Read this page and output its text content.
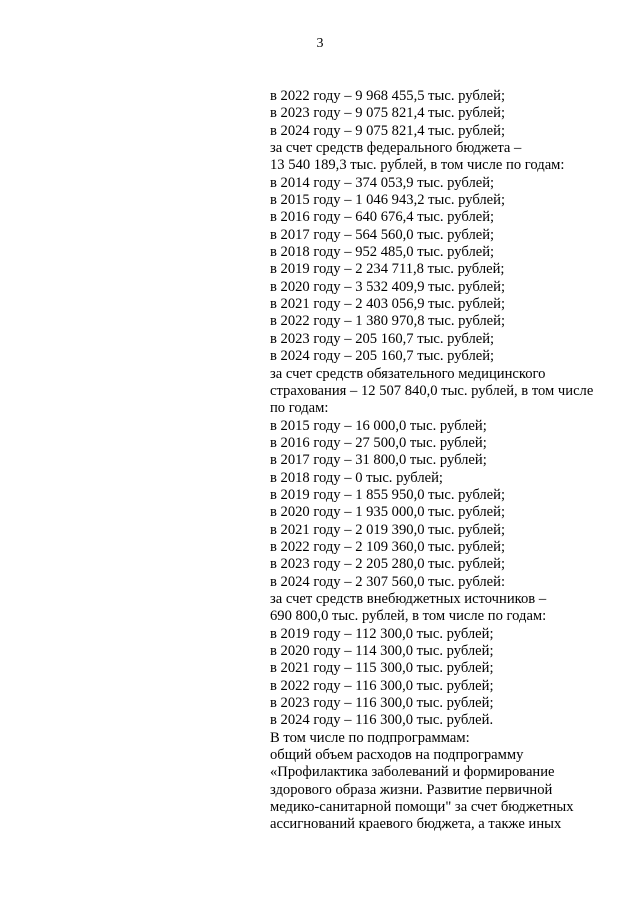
3
в 2022 году – 9 968 455,5 тыс. рублей;
в 2023 году – 9 075 821,4 тыс. рублей;
в 2024 году – 9 075 821,4 тыс. рублей;
за счет средств федерального бюджета –
13 540 189,3 тыс. рублей, в том числе по годам:
в 2014 году – 374 053,9 тыс. рублей;
в 2015 году – 1 046 943,2 тыс. рублей;
в 2016 году – 640 676,4 тыс. рублей;
в 2017 году – 564 560,0 тыс. рублей;
в 2018 году – 952 485,0 тыс. рублей;
в 2019 году – 2 234 711,8 тыс. рублей;
в 2020 году – 3 532 409,9 тыс. рублей;
в 2021 году – 2 403 056,9 тыс. рублей;
в 2022 году – 1 380 970,8 тыс. рублей;
в 2023 году – 205 160,7 тыс. рублей;
в 2024 году – 205 160,7 тыс. рублей;
за счет средств обязательного медицинского
страхования – 12 507 840,0 тыс. рублей, в том числе
по годам:
в 2015 году – 16 000,0 тыс. рублей;
в 2016 году – 27 500,0 тыс. рублей;
в 2017 году – 31 800,0 тыс. рублей;
в 2018 году – 0 тыс. рублей;
в 2019 году – 1 855 950,0 тыс. рублей;
в 2020 году – 1 935 000,0 тыс. рублей;
в 2021 году – 2 019 390,0 тыс. рублей;
в 2022 году – 2 109 360,0 тыс. рублей;
в 2023 году – 2 205 280,0 тыс. рублей;
в 2024 году – 2 307 560,0 тыс. рублей:
за счет средств внебюджетных источников –
690 800,0 тыс. рублей, в том числе по годам:
в 2019 году – 112 300,0 тыс. рублей;
в 2020 году – 114 300,0 тыс. рублей;
в 2021 году – 115 300,0 тыс. рублей;
в 2022 году – 116 300,0 тыс. рублей;
в 2023 году – 116 300,0 тыс. рублей;
в 2024 году – 116 300,0 тыс. рублей.
В том числе по подпрограммам:
общий объем расходов на подпрограмму
«Профилактика заболеваний и формирование
здорового образа жизни. Развитие первичной
медико-санитарной помощи" за счет бюджетных
ассигнований краевого бюджета, а также иных
